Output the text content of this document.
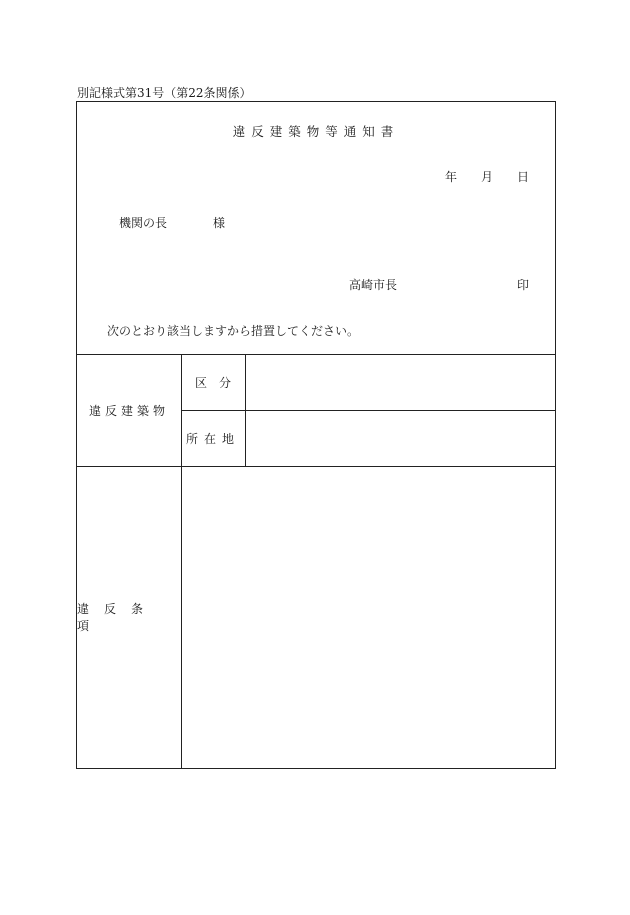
別記様式第31号（第22条関係）
違反建築物等通知書
年 月 日
機関の長	様
高崎市長	印
次のとおり該当しますから措置してください。
違反建築物
区　分
所在地
違反条項
